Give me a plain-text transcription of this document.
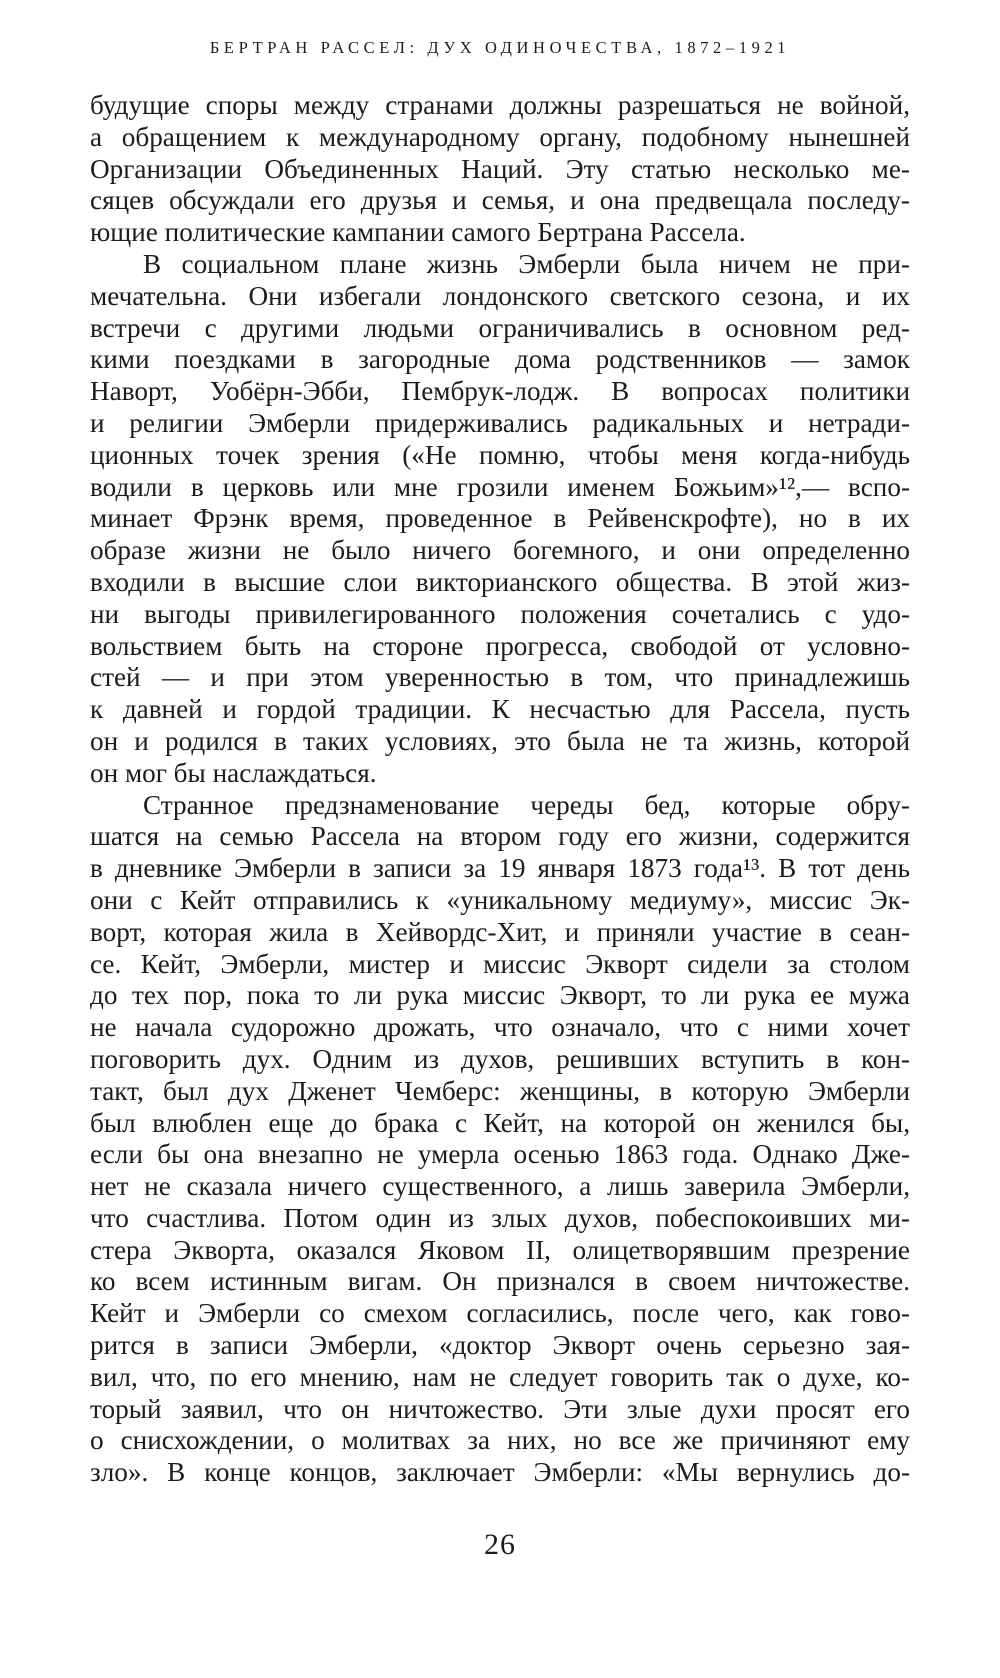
БЕРТРАН РАССЕЛ: ДУХ ОДИНОЧЕСТВА, 1872–1921
будущие споры между странами должны разрешаться не войной,
а обращением к международному органу, подобному нынешней
Организации Объединенных Наций. Эту статью несколько ме-
сяцев обсуждали его друзья и семья, и она предвещала последу-
ющие политические кампании самого Бертрана Рассела.
В социальном плане жизнь Эмберли была ничем не при-
мечательна. Они избегали лондонского светского сезона, и их
встречи с другими людьми ограничивались в основном ред-
кими поездками в загородные дома родственников — замок
Наворт, Уобёрн-Эбби, Пембрук-лодж. В вопросах политики
и религии Эмберли придерживались радикальных и нетради-
ционных точек зрения («Не помню, чтобы меня когда-нибудь
водили в церковь или мне грозили именем Божьим»¹²,— вспо-
минает Фрэнк время, проведенное в Рейвенскрофте), но в их
образе жизни не было ничего богемного, и они определенно
входили в высшие слои викторианского общества. В этой жиз-
ни выгоды привилегированного положения сочетались с удо-
вольствием быть на стороне прогресса, свободой от условно-
стей — и при этом уверенностью в том, что принадлежишь
к давней и гордой традиции. К несчастью для Рассела, пусть
он и родился в таких условиях, это была не та жизнь, которой
он мог бы наслаждаться.
Странное предзнаменование череды бед, которые обру-
шатся на семью Рассела на втором году его жизни, содержится
в дневнике Эмберли в записи за 19 января 1873 года¹³. В тот день
они с Кейт отправились к «уникальному медиуму», миссис Эк-
ворт, которая жила в Хейвордс-Хит, и приняли участие в сеан-
се. Кейт, Эмберли, мистер и миссис Экворт сидели за столом
до тех пор, пока то ли рука миссис Экворт, то ли рука ее мужа
не начала судорожно дрожать, что означало, что с ними хочет
поговорить дух. Одним из духов, решивших вступить в кон-
такт, был дух Дженет Чемберс: женщины, в которую Эмберли
был влюблен еще до брака с Кейт, на которой он женился бы,
если бы она внезапно не умерла осенью 1863 года. Однако Дже-
нет не сказала ничего существенного, а лишь заверила Эмберли,
что счастлива. Потом один из злых духов, побеспокоивших ми-
стера Экворта, оказался Яковом II, олицетворявшим презрение
ко всем истинным вигам. Он признался в своем ничтожестве.
Кейт и Эмберли со смехом согласились, после чего, как гово-
рится в записи Эмберли, «доктор Экворт очень серьезно зая-
вил, что, по его мнению, нам не следует говорить так о духе, ко-
торый заявил, что он ничтожество. Эти злые духи просят его
о снисхождении, о молитвах за них, но все же причиняют ему
зло». В конце концов, заключает Эмберли: «Мы вернулись до-
26
